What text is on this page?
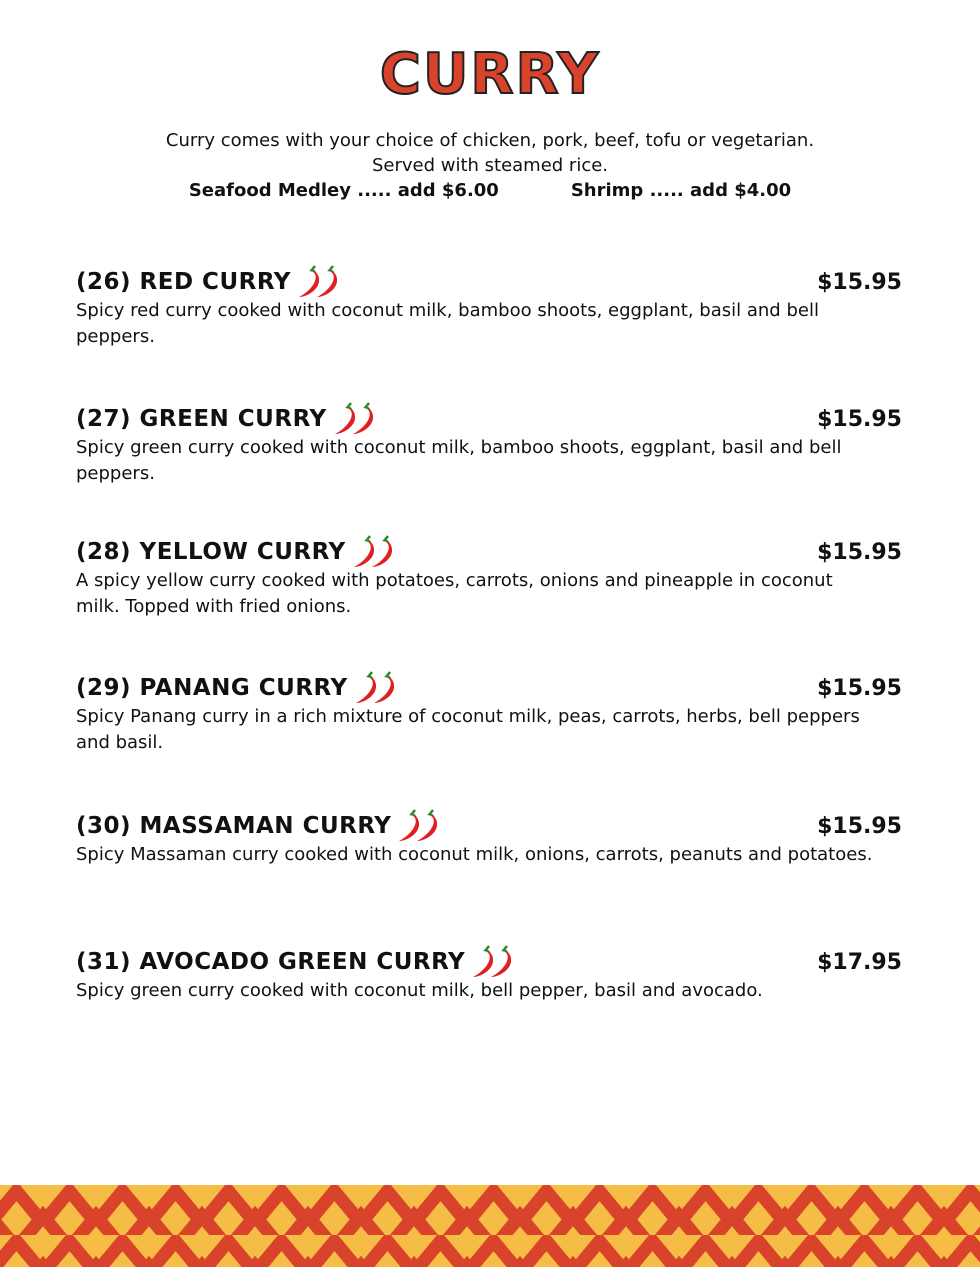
CURRY
Curry comes with your choice of chicken, pork, beef, tofu or vegetarian.
Served with steamed rice.
Seafood Medley ..... add $6.00	Shrimp ..... add $4.00
(26) RED CURRY	$15.95
Spicy red curry cooked with coconut milk, bamboo shoots, eggplant, basil and bell peppers.
(27) GREEN CURRY	$15.95
Spicy green curry cooked with coconut milk, bamboo shoots, eggplant, basil and bell peppers.
(28) YELLOW CURRY	$15.95
A spicy yellow curry cooked with potatoes, carrots, onions and pineapple in coconut milk. Topped with fried onions.
(29) PANANG CURRY	$15.95
Spicy Panang curry in a rich mixture of coconut milk, peas, carrots, herbs, bell peppers and basil.
(30) MASSAMAN CURRY	$15.95
Spicy Massaman curry cooked with coconut milk, onions, carrots, peanuts and potatoes.
(31) AVOCADO GREEN CURRY	$17.95
Spicy green curry cooked with coconut milk, bell pepper, basil and avocado.
